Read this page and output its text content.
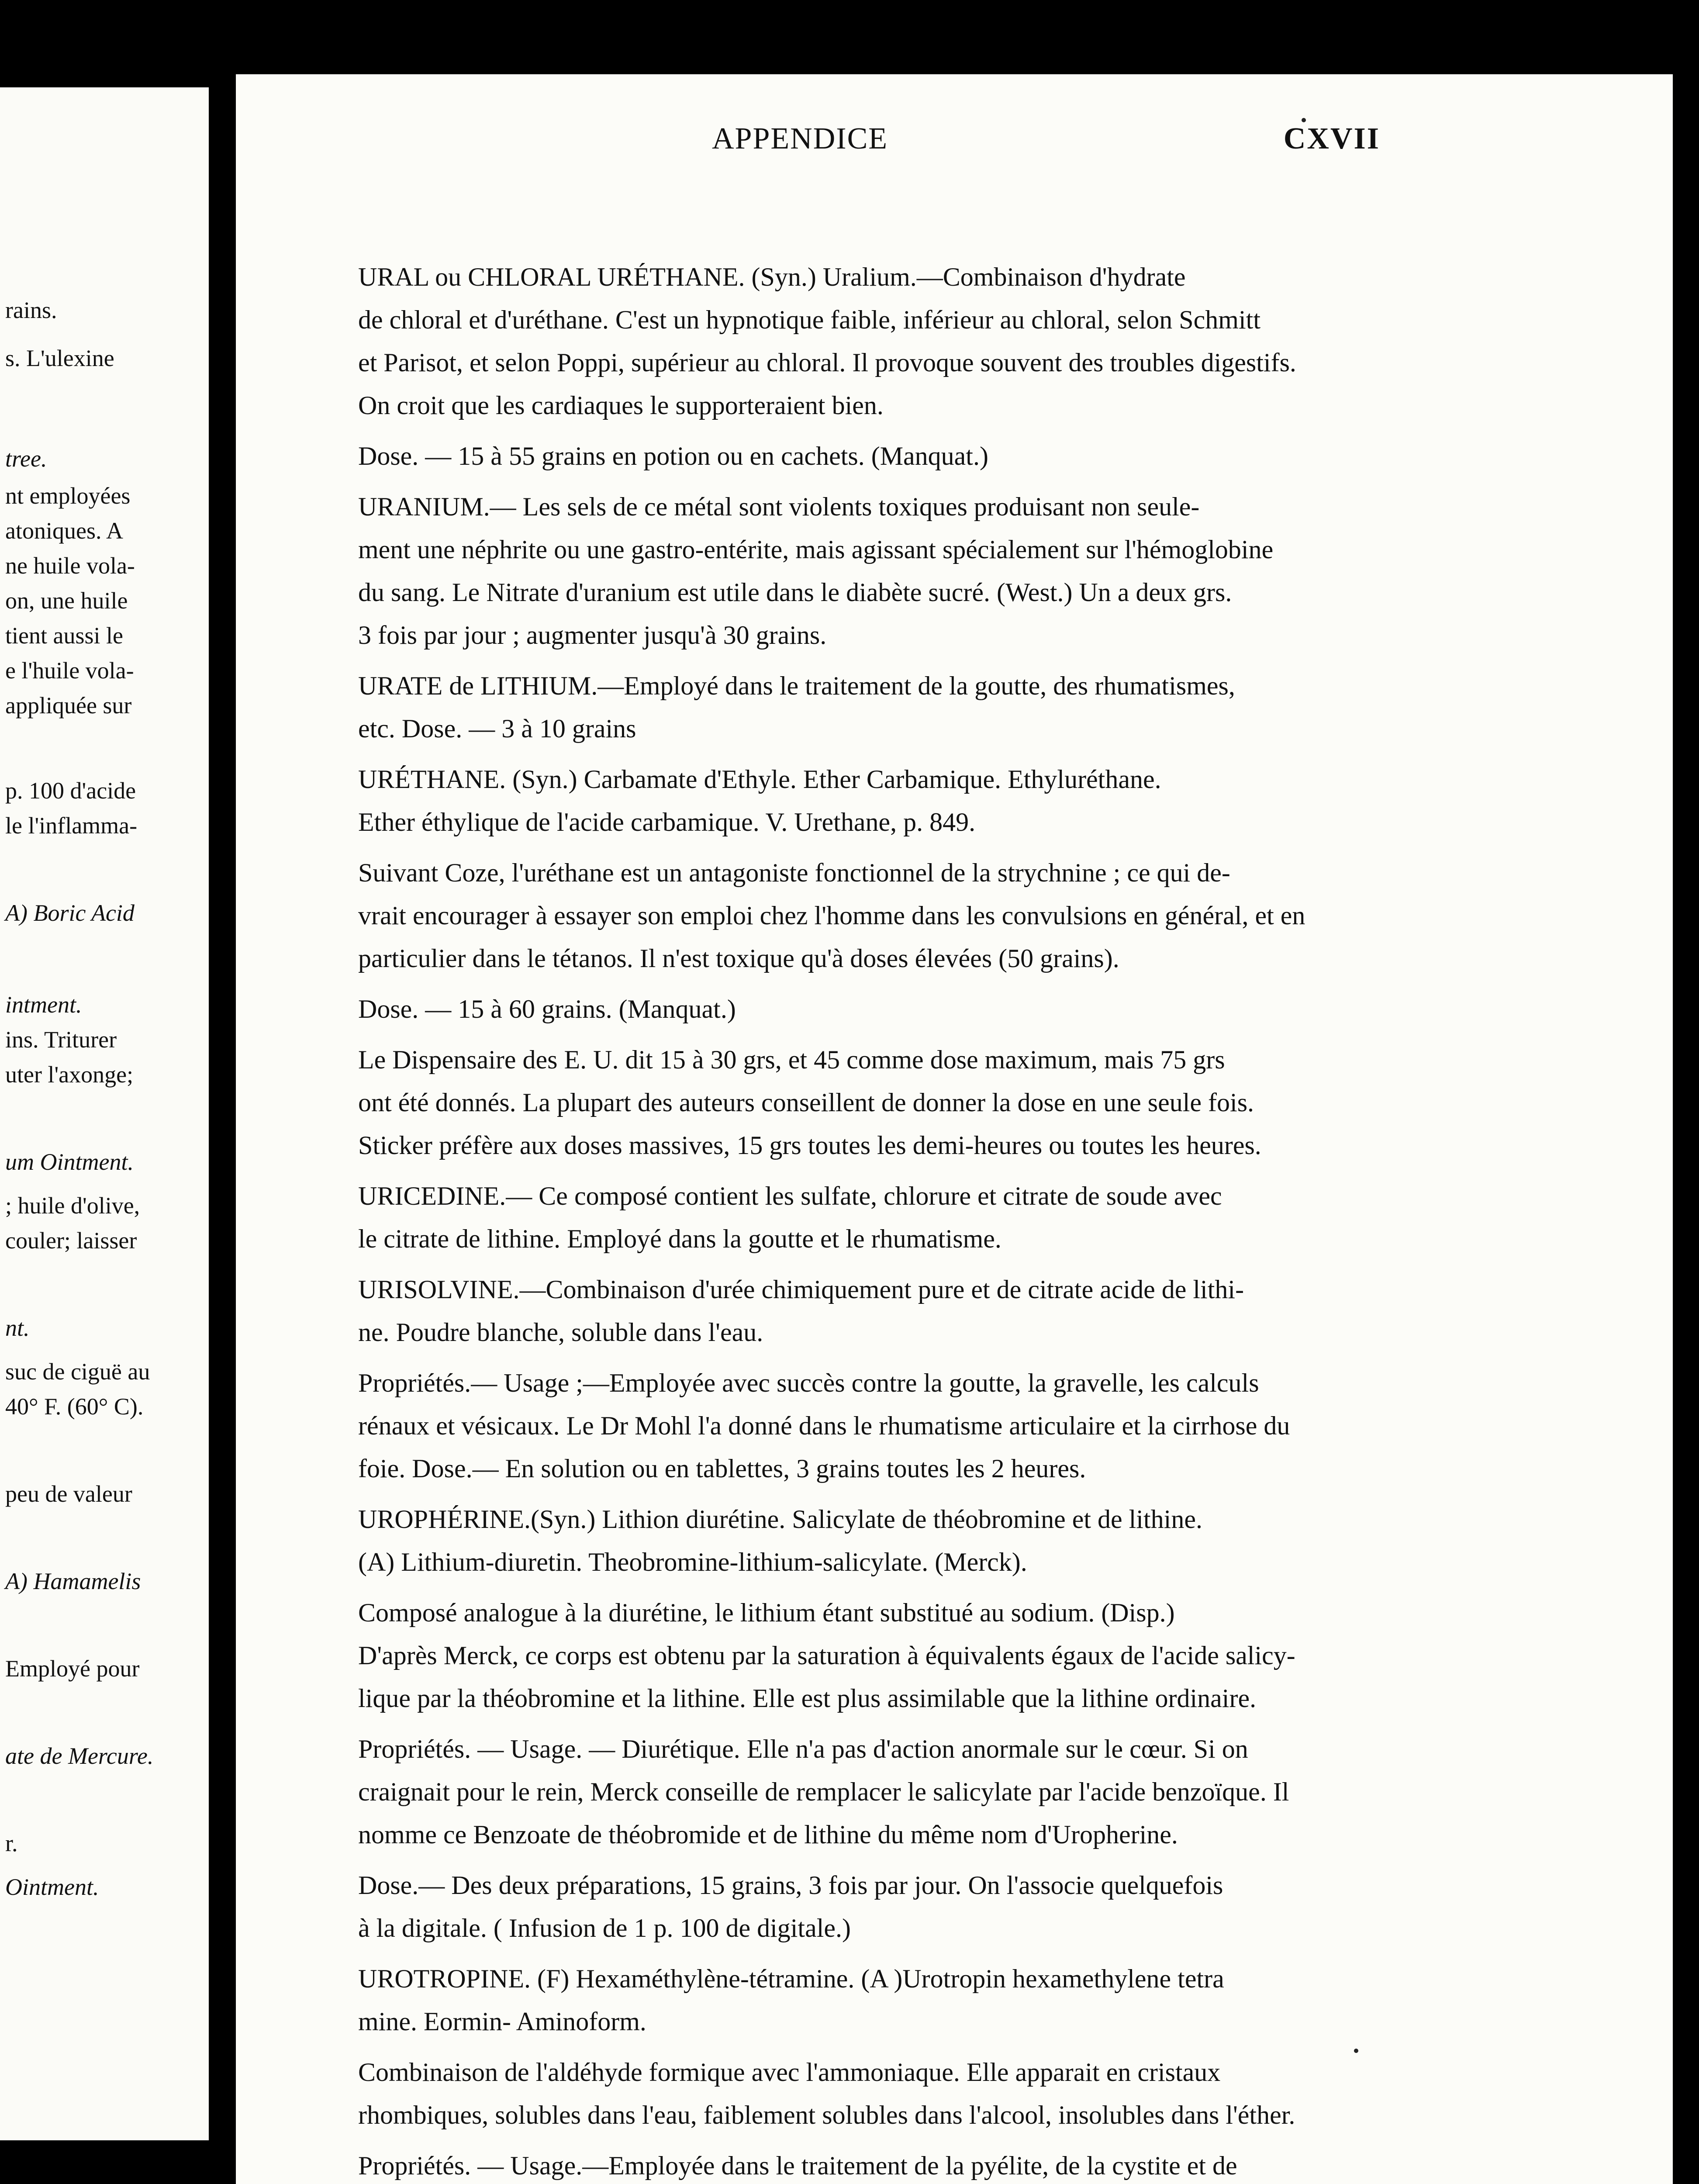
rains.
s. L'ulexine
tree.
nt employées
atoniques. A
ne huile vola-
on, une huile
tient aussi le
e l'huile vola-
appliquée sur
p. 100 d'acide
le l'inflamma-
A) Boric Acid
intment.
ins. Triturer
uter l'axonge;
um Ointment.
; huile d'olive,
couler; laisser
nt.
suc de ciguë au
40° F. (60° C).
peu de valeur
A) Hamamelis
Employé pour
ate de Mercure.
r.
Ointment.
APPENDICE	CXVII
URAL ou CHLORAL URÉTHANE. (Syn.) Uralium.—Combinaison d'hydrate
de chloral et d'uréthane. C'est un hypnotique faible, inférieur au chloral, selon Schmitt
et Parisot, et selon Poppi, supérieur au chloral. Il provoque souvent des troubles digestifs.
On croit que les cardiaques le supporteraient bien.
Dose. — 15 à 55 grains en potion ou en cachets. (Manquat.)
URANIUM.— Les sels de ce métal sont violents toxiques produisant non seule-
ment une néphrite ou une gastro-entérite, mais agissant spécialement sur l'hémoglobine
du sang. Le Nitrate d'uranium est utile dans le diabète sucré. (West.) Un a deux grs.
3 fois par jour ; augmenter jusqu'à 30 grains.
URATE de LITHIUM.—Employé dans le traitement de la goutte, des rhumatismes,
etc. Dose. — 3 à 10 grains
URÉTHANE. (Syn.) Carbamate d'Ethyle. Ether Carbamique. Ethyluréthane.
Ether éthylique de l'acide carbamique. V. Urethane, p. 849.
Suivant Coze, l'uréthane est un antagoniste fonctionnel de la strychnine ; ce qui de-
vrait encourager à essayer son emploi chez l'homme dans les convulsions en général, et en
particulier dans le tétanos. Il n'est toxique qu'à doses élevées (50 grains).
Dose. — 15 à 60 grains. (Manquat.)
Le Dispensaire des E. U. dit 15 à 30 grs, et 45 comme dose maximum, mais 75 grs
ont été donnés. La plupart des auteurs conseillent de donner la dose en une seule fois.
Sticker préfère aux doses massives, 15 grs toutes les demi-heures ou toutes les heures.
URICEDINE.— Ce composé contient les sulfate, chlorure et citrate de soude avec
le citrate de lithine. Employé dans la goutte et le rhumatisme.
URISOLVINE.—Combinaison d'urée chimiquement pure et de citrate acide de lithi-
ne. Poudre blanche, soluble dans l'eau.
Propriétés.— Usage ;—Employée avec succès contre la goutte, la gravelle, les calculs
rénaux et vésicaux. Le Dr Mohl l'a donné dans le rhumatisme articulaire et la cirrhose du
foie. Dose.— En solution ou en tablettes, 3 grains toutes les 2 heures.
UROPHÉRINE.(Syn.) Lithion diurétine. Salicylate de théobromine et de lithine.
(A) Lithium-diuretin. Theobromine-lithium-salicylate. (Merck).
Composé analogue à la diurétine, le lithium étant substitué au sodium. (Disp.)
D'après Merck, ce corps est obtenu par la saturation à équivalents égaux de l'acide salicy-
lique par la théobromine et la lithine. Elle est plus assimilable que la lithine ordinaire.
Propriétés. — Usage. — Diurétique. Elle n'a pas d'action anormale sur le cœur. Si on
craignait pour le rein, Merck conseille de remplacer le salicylate par l'acide benzoïque. Il
nomme ce Benzoate de théobromide et de lithine du même nom d'Uropherine.
Dose.— Des deux préparations, 15 grains, 3 fois par jour. On l'associe quelquefois
à la digitale. ( Infusion de 1 p. 100 de digitale.)
UROTROPINE. (F) Hexaméthylène-tétramine. (A )Urotropin hexamethylene tetra
mine. Eormin- Aminoform.
Combinaison de l'aldéhyde formique avec l'ammoniaque. Elle apparait en cristaux
rhombiques, solubles dans l'eau, faiblement solubles dans l'alcool, insolubles dans l'éther.
Propriétés. — Usage.—Employée dans le traitement de la pyélite, de la cystite et de
